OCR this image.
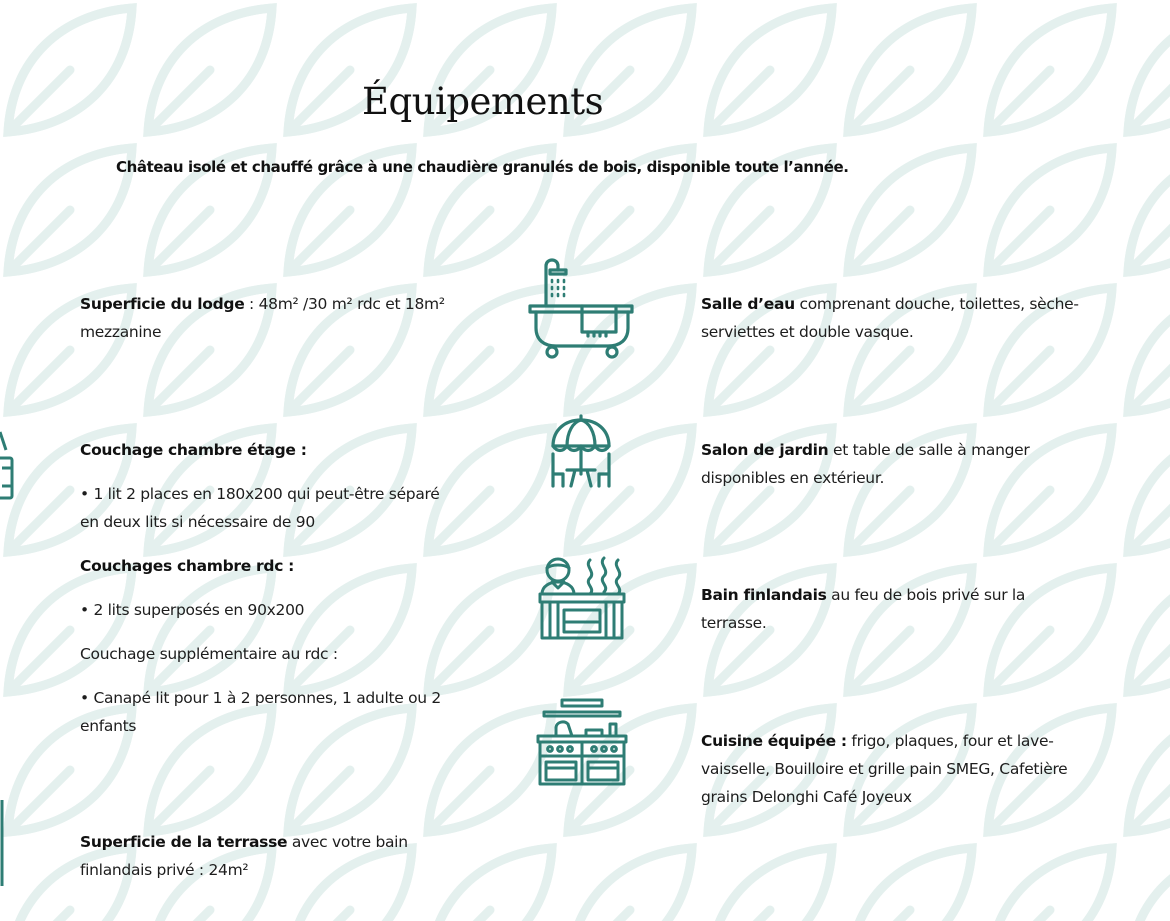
Équipements

Château isolé et chauffé grâce à une chaudière granulés de bois, disponible toute l’année.

Superficie du lodge : 48m² /30 m² rdc et 18m² mezzanine

Couchage chambre étage :

• 1 lit 2 places en 180x200 qui peut-être séparé en deux lits si nécessaire de 90

Couchages chambre rdc :

• 2 lits superposés en 90x200

Couchage supplémentaire au rdc :

• Canapé lit pour 1 à 2 personnes, 1 adulte ou 2 enfants

Superficie de la terrasse avec votre bain finlandais privé : 24m²

Salle d’eau comprenant douche, toilettes, sèche-serviettes et double vasque.

Salon de jardin et table de salle à manger disponibles en extérieur.

Bain finlandais au feu de bois privé sur la terrasse.

Cuisine équipée : frigo, plaques, four et lave-vaisselle, Bouilloire et grille pain SMEG, Cafetière grains Delonghi Café Joyeux
